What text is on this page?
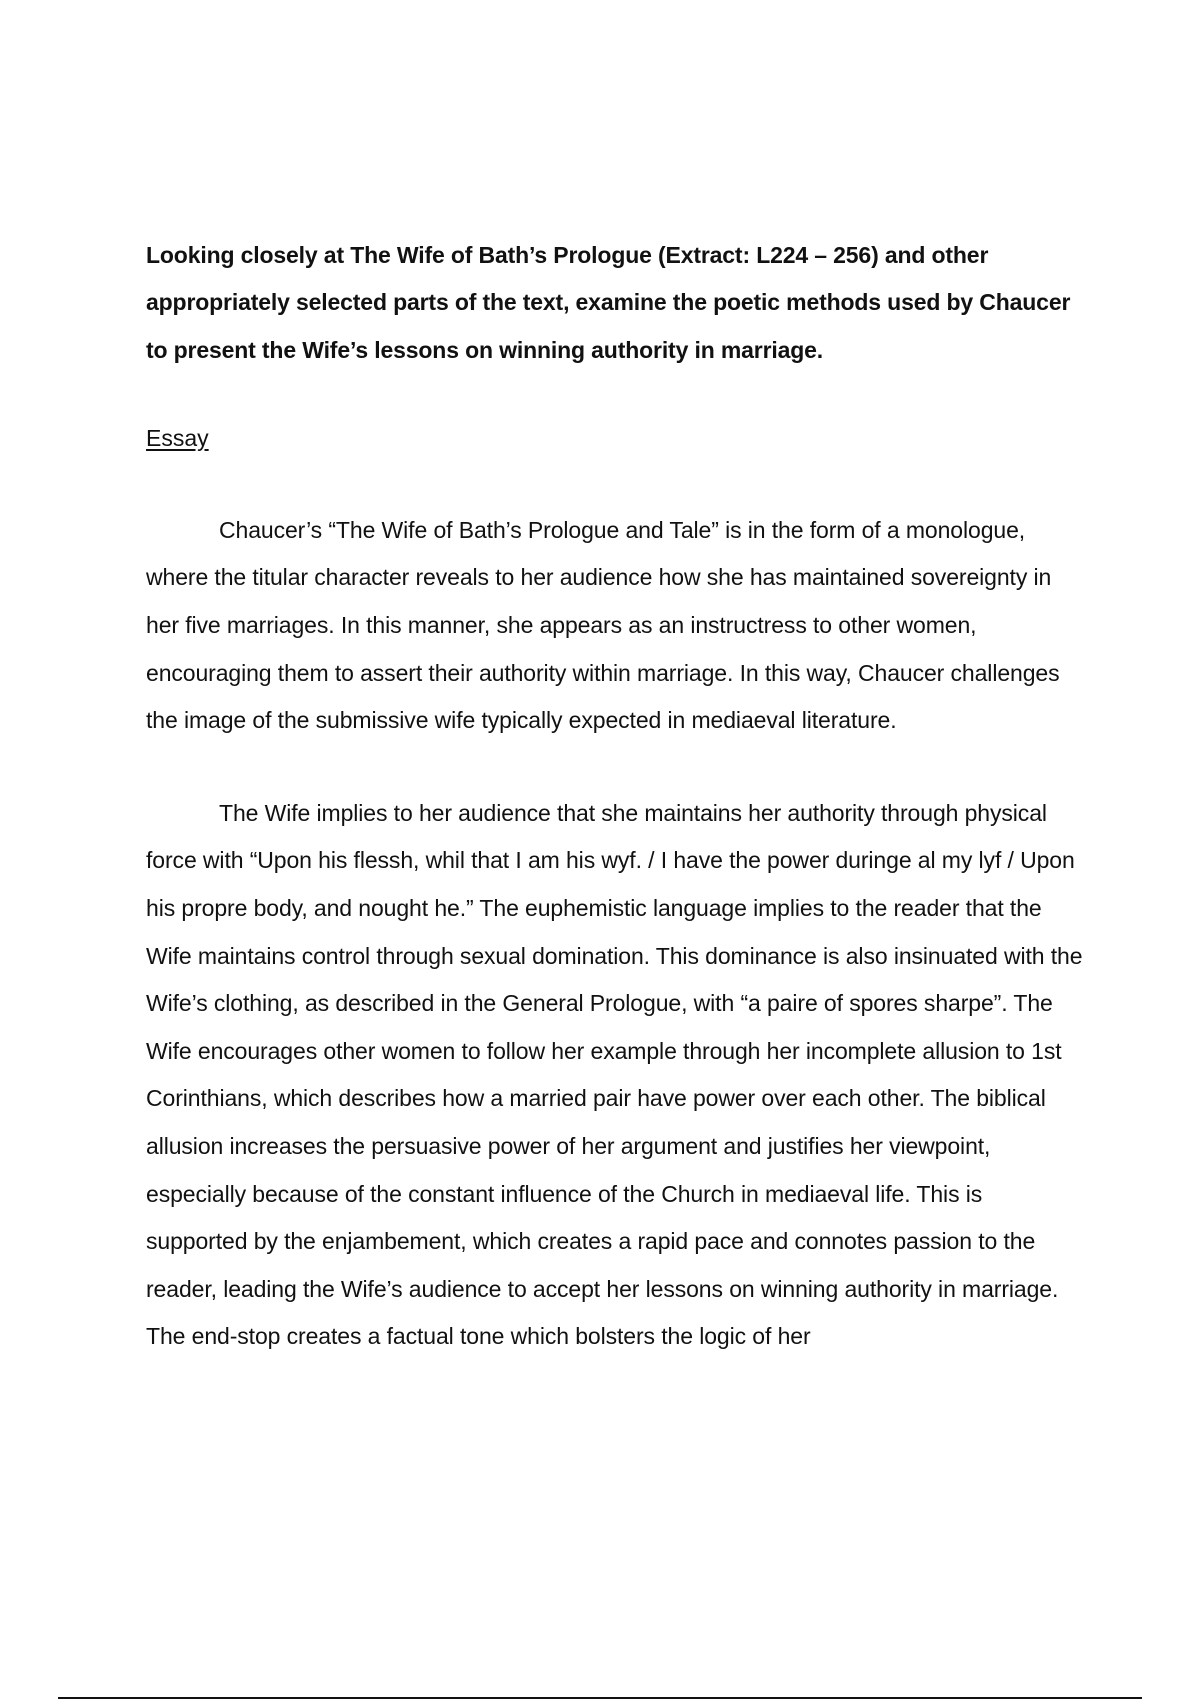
Looking closely at The Wife of Bath’s Prologue (Extract: L224 – 256) and other appropriately selected parts of the text, examine the poetic methods used by Chaucer to present the Wife’s lessons on winning authority in marriage.

Essay

Chaucer’s “The Wife of Bath’s Prologue and Tale” is in the form of a monologue, where the titular character reveals to her audience how she has maintained sovereignty in her five marriages. In this manner, she appears as an instructress to other women, encouraging them to assert their authority within marriage. In this way, Chaucer challenges the image of the submissive wife typically expected in mediaeval literature.

The Wife implies to her audience that she maintains her authority through physical force with “Upon his flessh, whil that I am his wyf. / I have the power duringe al my lyf / Upon his propre body, and nought he.” The euphemistic language implies to the reader that the Wife maintains control through sexual domination. This dominance is also insinuated with the Wife’s clothing, as described in the General Prologue, with “a paire of spores sharpe”. The Wife encourages other women to follow her example through her incomplete allusion to 1st Corinthians, which describes how a married pair have power over each other. The biblical allusion increases the persuasive power of her argument and justifies her viewpoint, especially because of the constant influence of the Church in mediaeval life. This is supported by the enjambement, which creates a rapid pace and connotes passion to the reader, leading the Wife’s audience to accept her lessons on winning authority in marriage. The end-stop creates a factual tone which bolsters the logic of her
